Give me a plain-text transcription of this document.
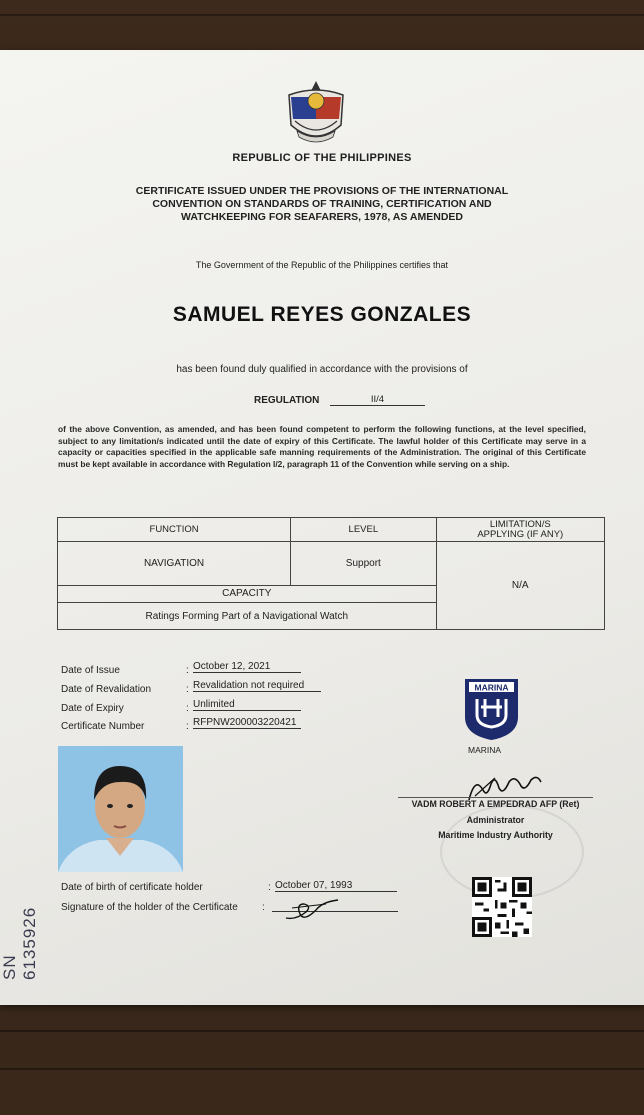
REPUBLIC OF THE PHILIPPINES
CERTIFICATE ISSUED UNDER THE PROVISIONS OF THE INTERNATIONAL
CONVENTION ON STANDARDS OF TRAINING, CERTIFICATION AND
WATCHKEEPING FOR SEAFARERS, 1978, AS AMENDED
The Government of the Republic of the Philippines certifies that
SAMUEL REYES GONZALES
has been found duly qualified in accordance with the provisions of
REGULATION	II/4
of the above Convention, as amended, and has been found competent to perform the following functions, at the level specified, subject to any limitation/s indicated until the date of expiry of this Certificate. The lawful holder of this Certificate may serve in a capacity or capacities specified in the applicable safe manning requirements of the Administration. The original of this Certificate must be kept available in accordance with Regulation I/2, paragraph 11 of the Convention while serving on a ship.
FUNCTION	LEVEL	LIMITATION/S
APPLYING (IF ANY)

NAVIGATION	Support	N/A

CAPACITY
Ratings Forming Part of a Navigational Watch		
Date of Issue	: October 12, 2021
Date of Revalidation	: Revalidation not required
Date of Expiry	: Unlimited
Certificate Number	: RFPNW200003220421
MARINA
MARINA
VADM ROBERT A EMPEDRAD AFP (Ret)
Administrator
Maritime Industry Authority
Date of birth of certificate holder	: October 07, 1993
Signature of the holder of the Certificate :
SN 6135926
